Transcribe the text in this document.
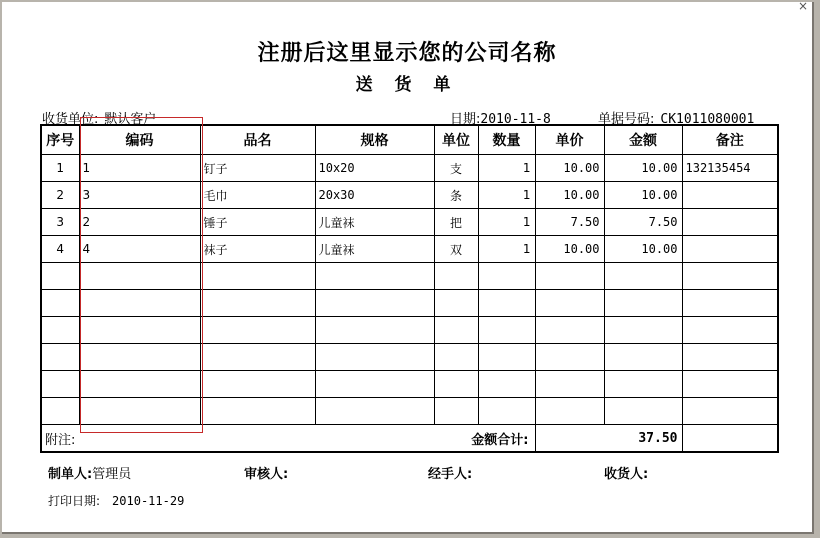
×
注册后这里显示您的公司名称
送 货 单
收货单位: 默认客户	日期:2010-11-8	单据号码: CK1011080001
序号	编码	品名	规格	单位	数量	单价	金额	备注
1	1	钉子	10x20	支	1	10.00	10.00	132135454
2	3	毛巾	20x30	条	1	10.00	10.00	
3	2	锤子	儿童袜	把	1	7.50	7.50	
4	4	袜子	儿童袜	双	1	10.00	10.00	

附注: 金额合计:						37.50		
制单人:管理员	审核人:	经手人:	收货人:
打印日期: 2010-11-29
